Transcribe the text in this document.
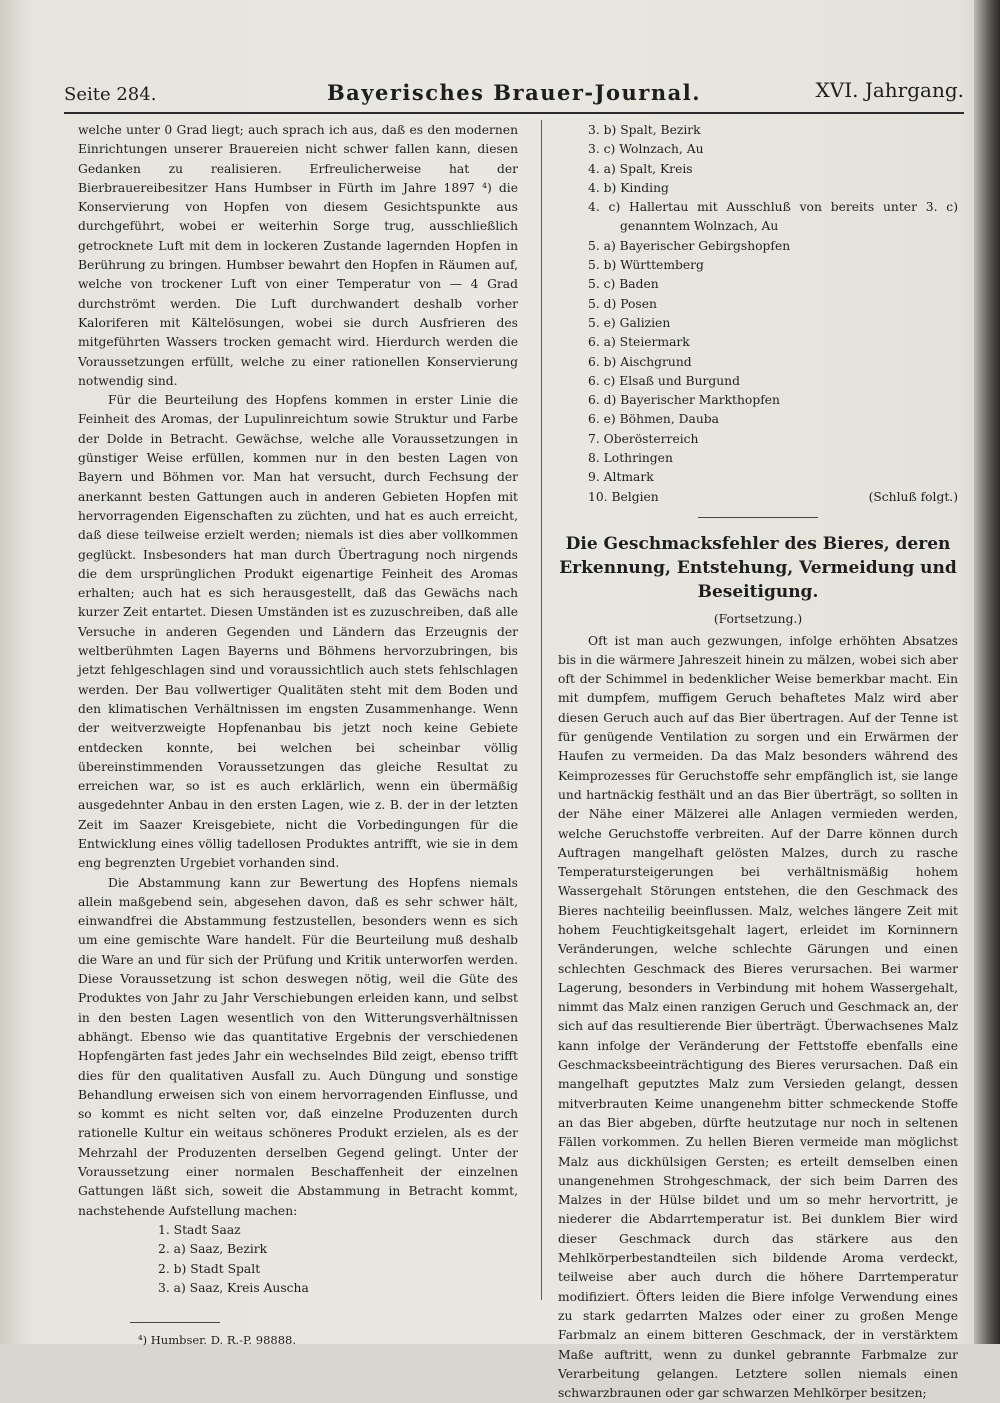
Seite 284.	Bayerisches Brauer-Journal.	XVI. Jahrgang.

welche unter 0 Grad liegt; auch sprach ich aus, daß es den modernen Einrichtungen unserer Brauereien nicht schwer fallen kann, diesen Gedanken zu realisieren. Erfreulicherweise hat der Bierbrauereibesitzer Hans Humbser in Fürth im Jahre 1897 ⁴) die Konservierung von Hopfen von diesem Gesichtspunkte aus durchgeführt, wobei er weiterhin Sorge trug, ausschließlich getrocknete Luft mit dem in lockeren Zustande lagernden Hopfen in Berührung zu bringen. Humbser bewahrt den Hopfen in Räumen auf, welche von trockener Luft von einer Temperatur von — 4 Grad durchströmt werden. Die Luft durchwandert deshalb vorher Kaloriferen mit Kältelösungen, wobei sie durch Ausfrieren des mitgeführten Wassers trocken gemacht wird. Hierdurch werden die Voraussetzungen erfüllt, welche zu einer rationellen Konservierung notwendig sind.

Für die Beurteilung des Hopfens kommen in erster Linie die Feinheit des Aromas, der Lupulinreichtum sowie Struktur und Farbe der Dolde in Betracht. Gewächse, welche alle Voraussetzungen in günstiger Weise erfüllen, kommen nur in den besten Lagen von Bayern und Böhmen vor. Man hat versucht, durch Fechsung der anerkannt besten Gattungen auch in anderen Gebieten Hopfen mit hervorragenden Eigenschaften zu züchten, und hat es auch erreicht, daß diese teilweise erzielt werden; niemals ist dies aber vollkommen geglückt. Insbesonders hat man durch Übertragung noch nirgends die dem ursprünglichen Produkt eigenartige Feinheit des Aromas erhalten; auch hat es sich herausgestellt, daß das Gewächs nach kurzer Zeit entartet. Diesen Umständen ist es zuzuschreiben, daß alle Versuche in anderen Gegenden und Ländern das Erzeugnis der weltberühmten Lagen Bayerns und Böhmens hervorzubringen, bis jetzt fehlgeschlagen sind und voraussichtlich auch stets fehlschlagen werden. Der Bau vollwertiger Qualitäten steht mit dem Boden und den klimatischen Verhältnissen im engsten Zusammenhange. Wenn der weitverzweigte Hopfenanbau bis jetzt noch keine Gebiete entdecken konnte, bei welchen bei scheinbar völlig übereinstimmenden Voraussetzungen das gleiche Resultat zu erreichen war, so ist es auch erklärlich, wenn ein übermäßig ausgedehnter Anbau in den ersten Lagen, wie z. B. der in der letzten Zeit im Saazer Kreisgebiete, nicht die Vorbedingungen für die Entwicklung eines völlig tadellosen Produktes antrifft, wie sie in dem eng begrenzten Urgebiet vorhanden sind.

Die Abstammung kann zur Bewertung des Hopfens niemals allein maßgebend sein, abgesehen davon, daß es sehr schwer hält, einwandfrei die Abstammung festzustellen, besonders wenn es sich um eine gemischte Ware handelt. Für die Beurteilung muß deshalb die Ware an und für sich der Prüfung und Kritik unterworfen werden. Diese Voraussetzung ist schon deswegen nötig, weil die Güte des Produktes von Jahr zu Jahr Verschiebungen erleiden kann, und selbst in den besten Lagen wesentlich von den Witterungsverhältnissen abhängt. Ebenso wie das quantitative Ergebnis der verschiedenen Hopfengärten fast jedes Jahr ein wechselndes Bild zeigt, ebenso trifft dies für den qualitativen Ausfall zu. Auch Düngung und sonstige Behandlung erweisen sich von einem hervorragenden Einflusse, und so kommt es nicht selten vor, daß einzelne Produzenten durch rationelle Kultur ein weitaus schöneres Produkt erzielen, als es der Mehrzahl der Produzenten derselben Gegend gelingt. Unter der Voraussetzung einer normalen Beschaffenheit der einzelnen Gattungen läßt sich, soweit die Abstammung in Betracht kommt, nachstehende Aufstellung machen:

1. Stadt Saaz
2. a) Saaz, Bezirk
2. b) Stadt Spalt
3. a) Saaz, Kreis Auscha
⁴) Humbser. D. R.-P. 98888.
3. b) Spalt, Bezirk
3. c) Wolnzach, Au
4. a) Spalt, Kreis
4. b) Kinding
4. c) Hallertau mit Ausschluß von bereits unter 3. c) genanntem Wolnzach, Au
5. a) Bayerischer Gebirgshopfen
5. b) Württemberg
5. c) Baden
5. d) Posen
5. e) Galizien
6. a) Steiermark
6. b) Aischgrund
6. c) Elsaß und Burgund
6. d) Bayerischer Markthopfen
6. e) Böhmen, Dauba
7. Oberösterreich
8. Lothringen
9. Altmark
10. Belgien	(Schluß folgt.)
Die Geschmacksfehler des Bieres, deren Erkennung, Entstehung, Vermeidung und Beseitigung.
(Fortsetzung.)

Oft ist man auch gezwungen, infolge erhöhten Absatzes bis in die wärmere Jahreszeit hinein zu mälzen, wobei sich aber oft der Schimmel in bedenklicher Weise bemerkbar macht. Ein mit dumpfem, muffigem Geruch behaftetes Malz wird aber diesen Geruch auch auf das Bier übertragen. Auf der Tenne ist für genügende Ventilation zu sorgen und ein Erwärmen der Haufen zu vermeiden. Da das Malz besonders während des Keimprozesses für Geruchstoffe sehr empfänglich ist, sie lange und hartnäckig festhält und an das Bier überträgt, so sollten in der Nähe einer Mälzerei alle Anlagen vermieden werden, welche Geruchstoffe verbreiten. Auf der Darre können durch Auftragen mangelhaft gelösten Malzes, durch zu rasche Temperatursteigerungen bei verhältnismäßig hohem Wassergehalt Störungen entstehen, die den Geschmack des Bieres nachteilig beeinflussen. Malz, welches längere Zeit mit hohem Feuchtigkeitsgehalt lagert, erleidet im Korninnern Veränderungen, welche schlechte Gärungen und einen schlechten Geschmack des Bieres verursachen. Bei warmer Lagerung, besonders in Verbindung mit hohem Wassergehalt, nimmt das Malz einen ranzigen Geruch und Geschmack an, der sich auf das resultierende Bier überträgt. Überwachsenes Malz kann infolge der Veränderung der Fettstoffe ebenfalls eine Geschmacksbeeinträchtigung des Bieres verursachen. Daß ein mangelhaft geputztes Malz zum Versieden gelangt, dessen mitverbrauten Keime unangenehm bitter schmeckende Stoffe an das Bier abgeben, dürfte heutzutage nur noch in seltenen Fällen vorkommen. Zu hellen Bieren vermeide man möglichst Malz aus dickhülsigen Gersten; es erteilt demselben einen unangenehmen Strohgeschmack, der sich beim Darren des Malzes in der Hülse bildet und um so mehr hervortritt, je niederer die Abdarrtemperatur ist. Bei dunklem Bier wird dieser Geschmack durch das stärkere aus den Mehlkörperbestandteilen sich bildende Aroma verdeckt, teilweise aber auch durch die höhere Darrtemperatur modifiziert. Öfters leiden die Biere infolge Verwendung eines zu stark gedarrten Malzes oder einer zu großen Menge Farbmalz an einem bitteren Geschmack, der in verstärktem Maße auftritt, wenn zu dunkel gebrannte Farbmalze zur Verarbeitung gelangen. Letztere sollen niemals einen schwarzbraunen oder gar schwarzen Mehlkörper besitzen;
